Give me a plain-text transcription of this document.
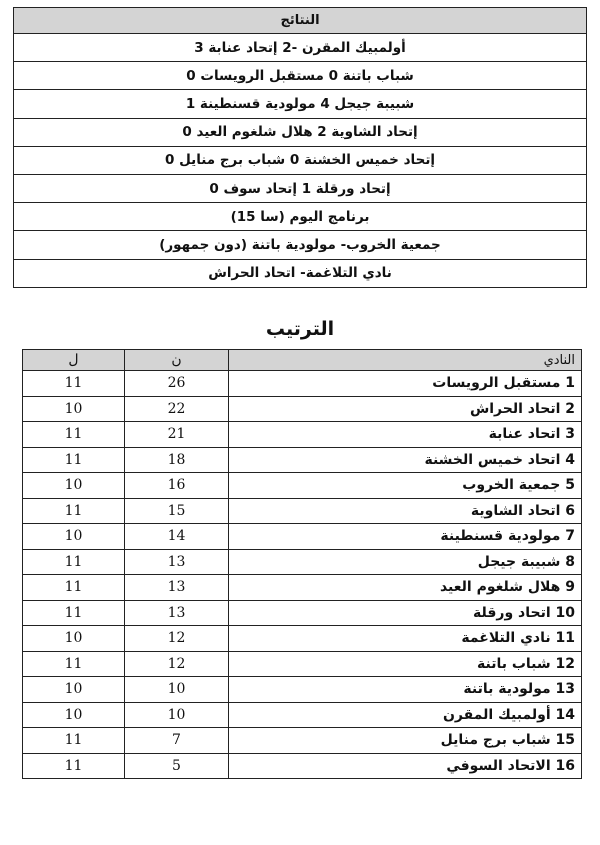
النتائج
أولمبيك المقرن -2 إتحاد عنابة 3
شباب باتنة 0 مستقبل الرويسات 0
شبيبة جيجل 4 مولودية قسنطينة 1
إتحاد الشاوية 2 هلال شلغوم العيد 0
إتحاد خميس الخشنة 0 شباب برج منايل 0
إتحاد ورقلة 1 إتحاد سوف 0
برنامج اليوم (سا 15)
جمعية الخروب- مولودية باتنة (دون جمهور)
نادي التلاغمة- اتحاد الحراش
الترتيب
ل	ن	النادي
11	26	1 مستقبل الرويسات
10	22	2 اتحاد الحراش
11	21	3 اتحاد عنابة
11	18	4 اتحاد خميس الخشنة
10	16	5 جمعية الخروب
11	15	6 اتحاد الشاوية
10	14	7 مولودية قسنطينة
11	13	8 شبيبة جيجل
11	13	9 هلال شلغوم العيد
11	13	10 اتحاد ورقلة
10	12	11 نادي التلاغمة
11	12	12 شباب باتنة
10	10	13 مولودية باتنة
10	10	14 أولمبيك المقرن
11	7	15 شباب برج منايل
11	5	16 الاتحاد السوفي
